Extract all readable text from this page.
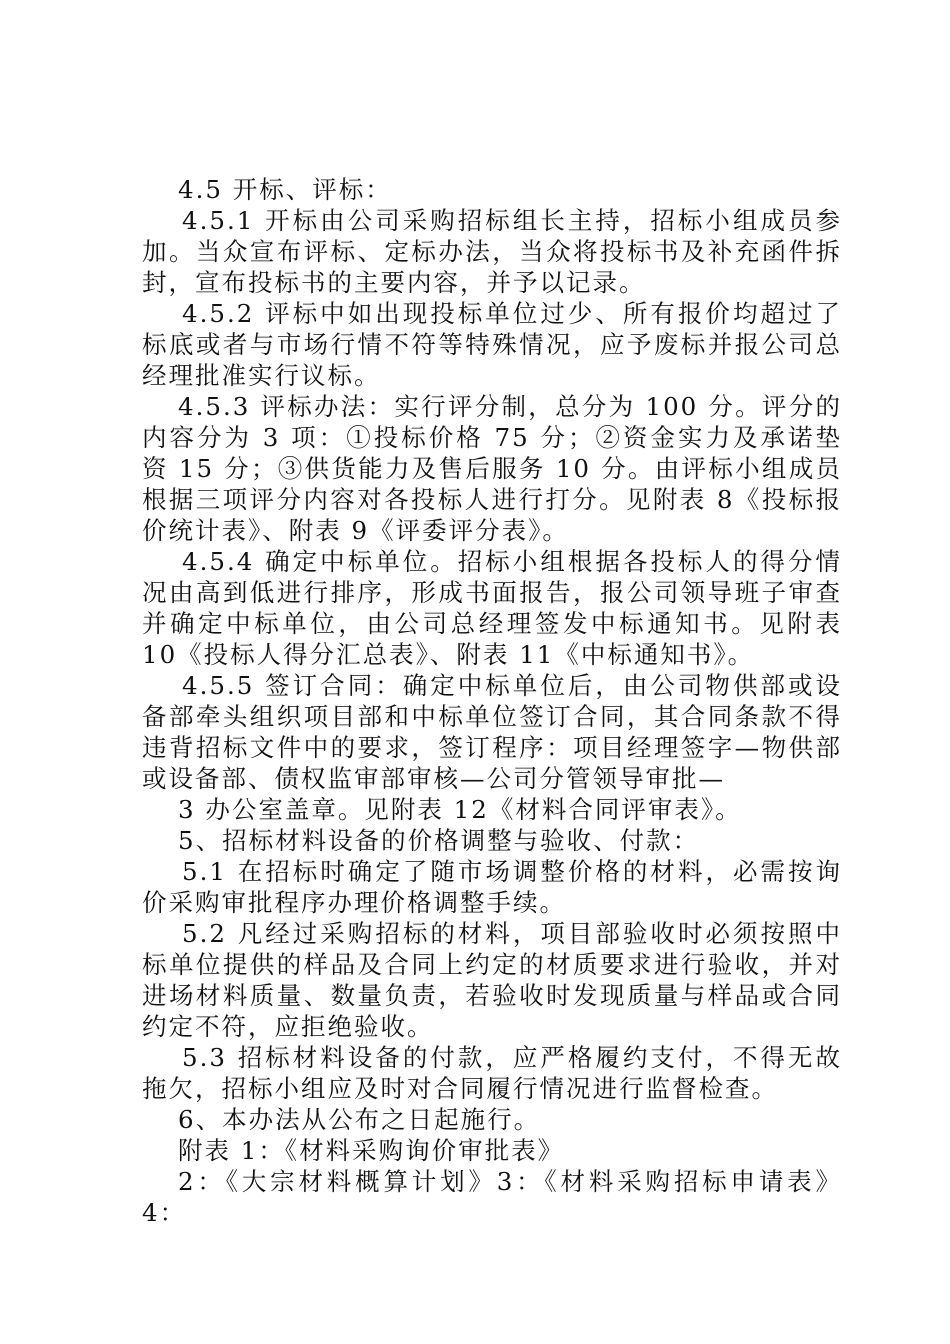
4.5 开标、评标：

4.5.1 开标由公司采购招标组长主持，招标小组成员参加。当众宣布评标、定标办法，当众将投标书及补充函件拆封，宣布投标书的主要内容，并予以记录。

4.5.2 评标中如出现投标单位过少、所有报价均超过了标底或者与市场行情不符等特殊情况，应予废标并报公司总经理批准实行议标。

4.5.3 评标办法：实行评分制，总分为 100 分。评分的内容分为 3 项：①投标价格 75 分；②资金实力及承诺垫资 15 分；③供货能力及售后服务 10 分。由评标小组成员根据三项评分内容对各投标人进行打分。见附表 8《投标报价统计表》、附表 9《评委评分表》。

4.5.4 确定中标单位。招标小组根据各投标人的得分情况由高到低进行排序，形成书面报告，报公司领导班子审查并确定中标单位，由公司总经理签发中标通知书。见附表 10《投标人得分汇总表》、附表 11《中标通知书》。

4.5.5 签订合同：确定中标单位后，由公司物供部或设备部牵头组织项目部和中标单位签订合同，其合同条款不得违背招标文件中的要求，签订程序：项目经理签字—物供部或设备部、债权监审部审核—公司分管领导审批—

3 办公室盖章。见附表 12《材料合同评审表》。

5、招标材料设备的价格调整与验收、付款：

5.1 在招标时确定了随市场调整价格的材料，必需按询价采购审批程序办理价格调整手续。

5.2 凡经过采购招标的材料，项目部验收时必须按照中标单位提供的样品及合同上约定的材质要求进行验收，并对进场材料质量、数量负责，若验收时发现质量与样品或合同约定不符，应拒绝验收。

5.3 招标材料设备的付款，应严格履约支付，不得无故拖欠，招标小组应及时对合同履行情况进行监督检查。

6、本办法从公布之日起施行。

附表 1：《材料采购询价审批表》

2：《大宗材料概算计划》3：《材料采购招标申请表》4：
